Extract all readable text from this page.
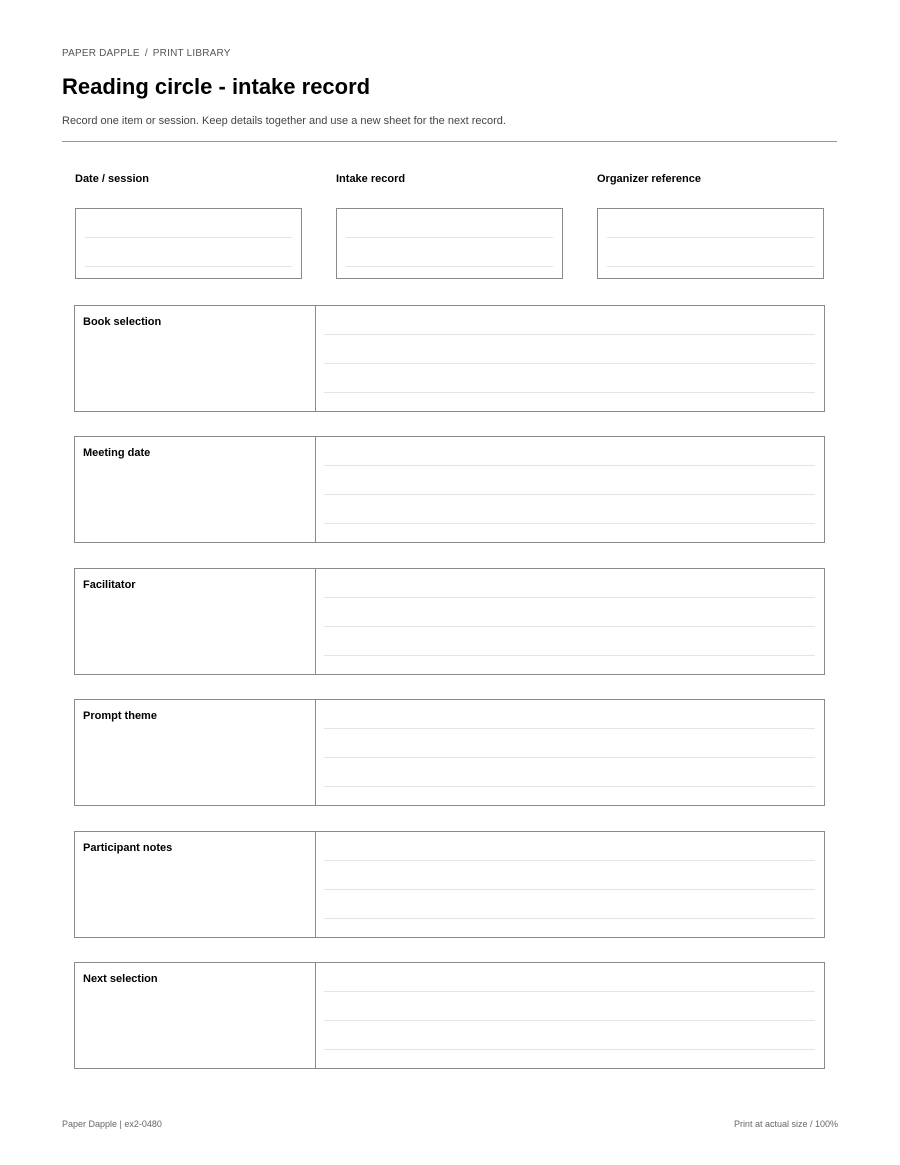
PAPER DAPPLE / PRINT LIBRARY
Reading circle - intake record
Record one item or session. Keep details together and use a new sheet for the next record.
Date / session	Intake record	Organizer reference
Book selection
Meeting date
Facilitator
Prompt theme
Participant notes
Next selection
Paper Dapple | ex2-0480	Print at actual size / 100%
